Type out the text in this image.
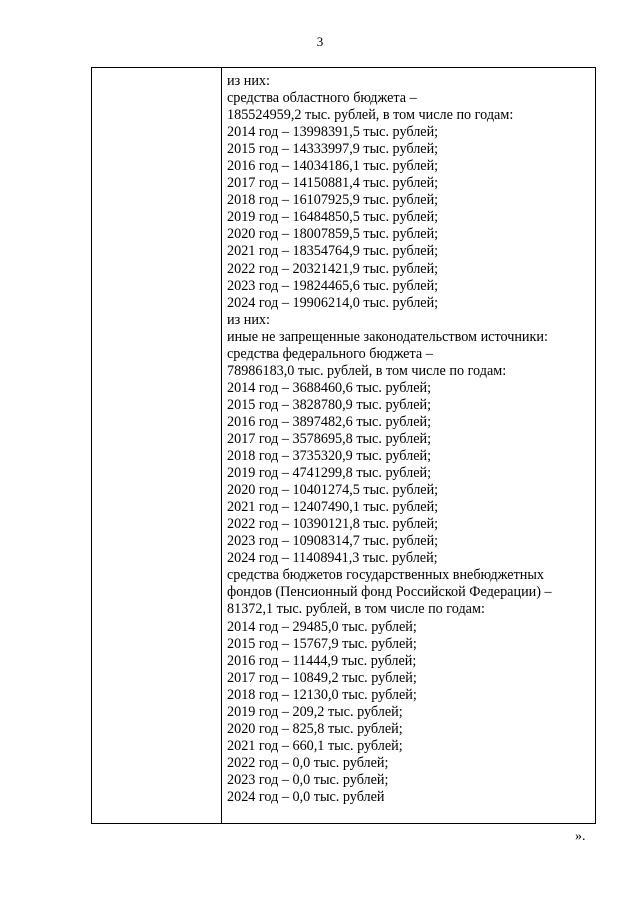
3
из них:
средства областного бюджета –
185524959,2 тыс. рублей, в том числе по годам:
2014 год – 13998391,5 тыс. рублей;
2015 год – 14333997,9 тыс. рублей;
2016 год – 14034186,1 тыс. рублей;
2017 год – 14150881,4 тыс. рублей;
2018 год – 16107925,9 тыс. рублей;
2019 год – 16484850,5 тыс. рублей;
2020 год – 18007859,5 тыс. рублей;
2021 год – 18354764,9 тыс. рублей;
2022 год – 20321421,9 тыс. рублей;
2023 год – 19824465,6 тыс. рублей;
2024 год – 19906214,0 тыс. рублей;
из них:
иные не запрещенные законодательством источники:
средства федерального бюджета –
78986183,0 тыс. рублей, в том числе по годам:
2014 год – 3688460,6 тыс. рублей;
2015 год – 3828780,9 тыс. рублей;
2016 год – 3897482,6 тыс. рублей;
2017 год – 3578695,8 тыс. рублей;
2018 год – 3735320,9 тыс. рублей;
2019 год – 4741299,8 тыс. рублей;
2020 год – 10401274,5 тыс. рублей;
2021 год – 12407490,1 тыс. рублей;
2022 год – 10390121,8 тыс. рублей;
2023 год – 10908314,7 тыс. рублей;
2024 год – 11408941,3 тыс. рублей;
средства бюджетов государственных внебюджетных
фондов (Пенсионный фонд Российской Федерации) –
81372,1 тыс. рублей, в том числе по годам:
2014 год – 29485,0 тыс. рублей;
2015 год – 15767,9 тыс. рублей;
2016 год – 11444,9 тыс. рублей;
2017 год – 10849,2 тыс. рублей;
2018 год – 12130,0 тыс. рублей;
2019 год – 209,2 тыс. рублей;
2020 год – 825,8 тыс. рублей;
2021 год – 660,1 тыс. рублей;
2022 год – 0,0 тыс. рублей;
2023 год – 0,0 тыс. рублей;
2024 год – 0,0 тыс. рублей
».
